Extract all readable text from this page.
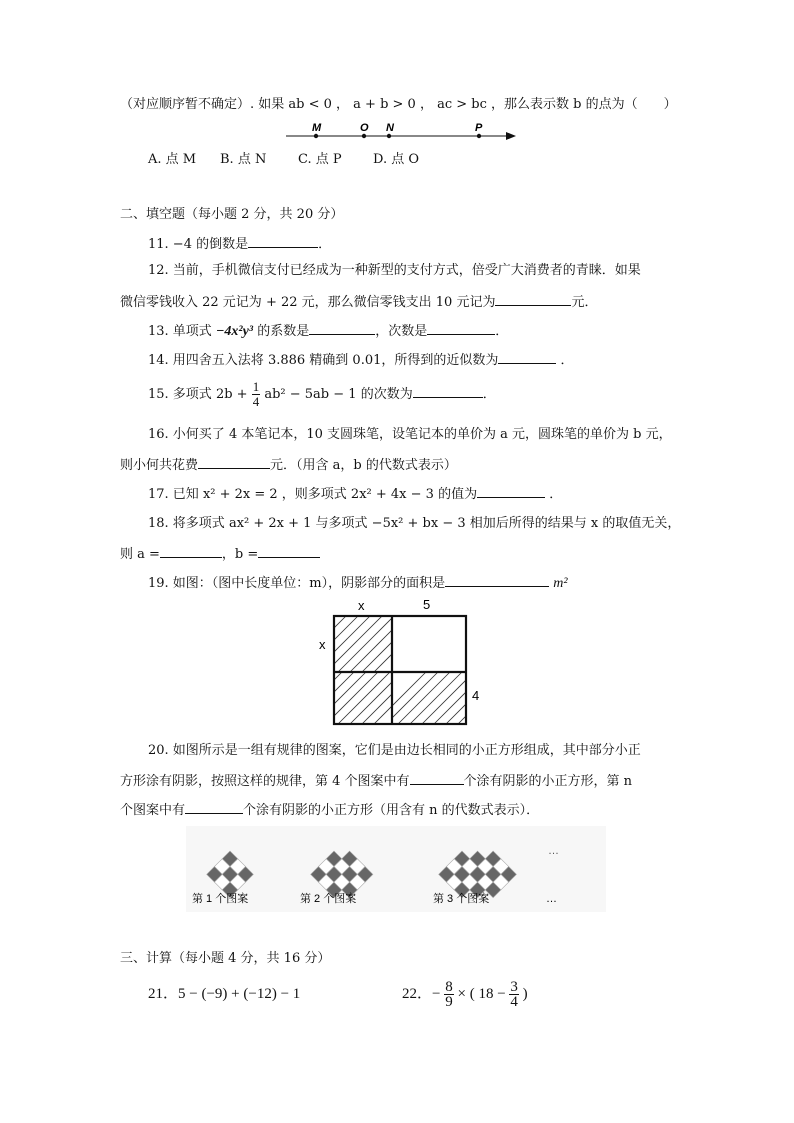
（对应顺序暂不确定）. 如果 ab < 0 ， a + b > 0 ， ac > bc ，那么表示数 b 的点为（　　）
M	O N	P
A. 点 M B. 点 N C. 点 P D. 点 O
二、填空题（每小题 2 分，共 20 分）
11. −4 的倒数是	．
12. 当前，手机微信支付已经成为一种新型的支付方式，倍受广大消费者的青睐．如果
微信零钱收入 22 元记为 + 22 元，那么微信零钱支出 10 元记为	元．
13. 单项式 −4x²y³ 的系数是	，次数是	．
14. 用四舍五入法将 3.886 精确到 0.01，所得到的近似数为	．
15. 多项式 $2b + \frac{1}{4} ab^2 - 5ab - 1$ 的次数为	．
16. 小何买了 4 本笔记本，10 支圆珠笔，设笔记本的单价为 a 元，圆珠笔的单价为 b 元，
则小何共花费	元．（用含 a，b 的代数式表示）
17. 已知 x² + 2x = 2 ，则多项式 2x² + 4x − 3 的值为	．
18. 将多项式 ax² + 2x + 1 与多项式 −5x² + bx − 3 相加后所得的结果与 x 的取值无关，
则 a =	，b =
19. 如图：（图中长度单位：m），阴影部分的面积是	m²
x	5
x
4
20. 如图所示是一组有规律的图案，它们是由边长相同的小正方形组成，其中部分小正
方形涂有阴影，按照这样的规律，第 4 个图案中有	个涂有阴影的小正方形，第 n
个图案中有	个涂有阴影的小正方形（用含有 n 的代数式表示）．
…
第 1 个图案	第 2 个图案	第 3 个图案	…
三、计算（每小题 4 分，共 16 分）
21．5 − (−9) + (−12) − 1	22．− $\frac{8}{9}$ × ( $18 - \frac{3}{4}$ )
